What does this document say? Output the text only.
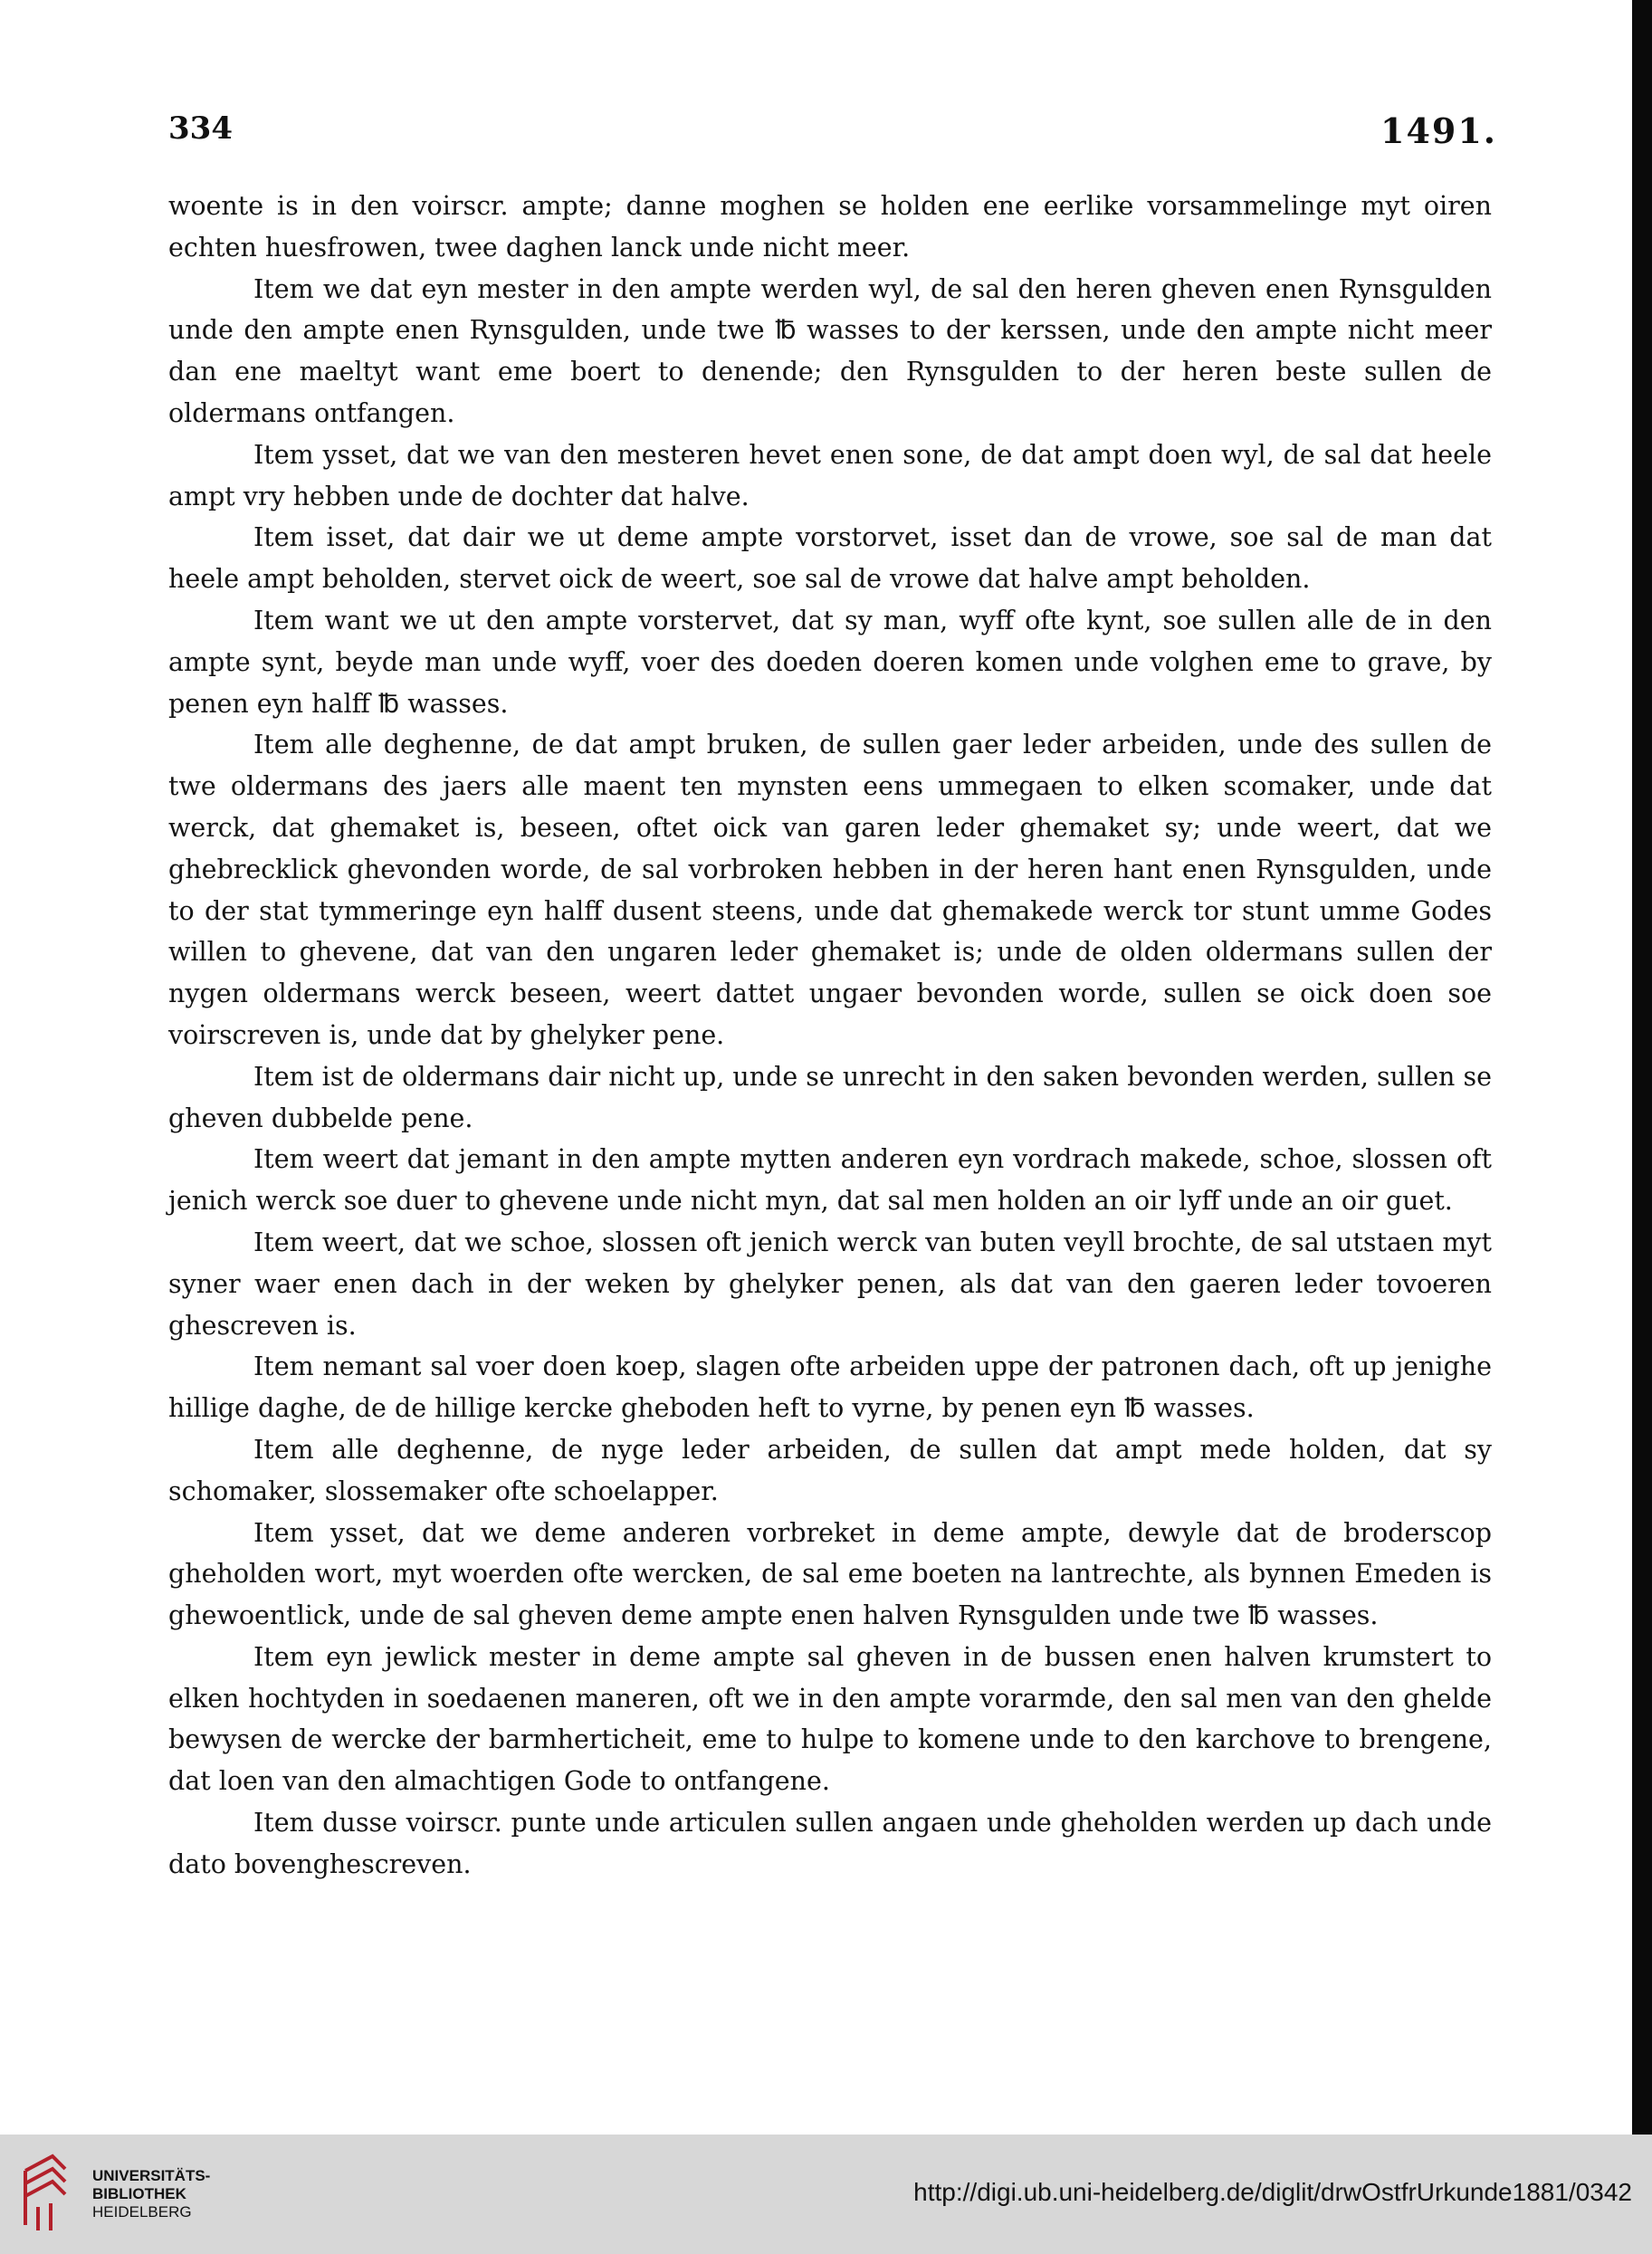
334	1491.

woente is in den voirscr. ampte; danne moghen se holden ene eerlike vorsammelinge myt oiren echten huesfrowen, twee daghen lanck unde nicht meer.

Item we dat eyn mester in den ampte werden wyl, de sal den heren gheven enen Rynsgulden unde den ampte enen Rynsgulden, unde twe ℔ wasses to der kerssen, unde den ampte nicht meer dan ene maeltyt want eme boert to denende; den Rynsgulden to der heren beste sullen de oldermans ontfangen.

Item ysset, dat we van den mesteren hevet enen sone, de dat ampt doen wyl, de sal dat heele ampt vry hebben unde de dochter dat halve.

Item isset, dat dair we ut deme ampte vorstorvet, isset dan de vrowe, soe sal de man dat heele ampt beholden, stervet oick de weert, soe sal de vrowe dat halve ampt beholden.

Item want we ut den ampte vorstervet, dat sy man, wyff ofte kynt, soe sullen alle de in den ampte synt, beyde man unde wyff, voer des doeden doeren komen unde volghen eme to grave, by penen eyn halff ℔ wasses.

Item alle deghenne, de dat ampt bruken, de sullen gaer leder arbeiden, unde des sullen de twe oldermans des jaers alle maent ten mynsten eens ummegaen to elken scomaker, unde dat werck, dat ghemaket is, beseen, oftet oick van garen leder ghemaket sy; unde weert, dat we ghebrecklick ghevonden worde, de sal vorbroken hebben in der heren hant enen Rynsgulden, unde to der stat tymmeringe eyn halff dusent steens, unde dat ghemakede werck tor stunt umme Godes willen to ghevene, dat van den ungaren leder ghemaket is; unde de olden oldermans sullen der nygen oldermans werck beseen, weert dattet ungaer bevonden worde, sullen se oick doen soe voirscreven is, unde dat by ghelyker pene.

Item ist de oldermans dair nicht up, unde se unrecht in den saken bevonden werden, sullen se gheven dubbelde pene.

Item weert dat jemant in den ampte mytten anderen eyn vordrach makede, schoe, slossen oft jenich werck soe duer to ghevene unde nicht myn, dat sal men holden an oir lyff unde an oir guet.

Item weert, dat we schoe, slossen oft jenich werck van buten veyll brochte, de sal utstaen myt syner waer enen dach in der weken by ghelyker penen, als dat van den gaeren leder tovoeren ghescreven is.

Item nemant sal voer doen koep, slagen ofte arbeiden uppe der patronen dach, oft up jenighe hillige daghe, de de hillige kercke gheboden heft to vyrne, by penen eyn ℔ wasses.

Item alle deghenne, de nyge leder arbeiden, de sullen dat ampt mede holden, dat sy schomaker, slossemaker ofte schoelapper.

Item ysset, dat we deme anderen vorbreket in deme ampte, dewyle dat de broderscop gheholden wort, myt woerden ofte wercken, de sal eme boeten na lantrechte, als bynnen Emeden is ghewoentlick, unde de sal gheven deme ampte enen halven Rynsgulden unde twe ℔ wasses.

Item eyn jewlick mester in deme ampte sal gheven in de bussen enen halven krumstert to elken hochtyden in soedaenen maneren, oft we in den ampte vorarmde, den sal men van den ghelde bewysen de wercke der barmherticheit, eme to hulpe to komene unde to den karchove to brengene, dat loen van den almachtigen Gode to ontfangene.

Item dusse voirscr. punte unde articulen sullen angaen unde gheholden werden up dach unde dato bovenghescreven.

UNIVERSITÄTS-
BIBLIOTHEK
HEIDELBERG
http://digi.ub.uni-heidelberg.de/diglit/drwOstfrUrkunde1881/0342
